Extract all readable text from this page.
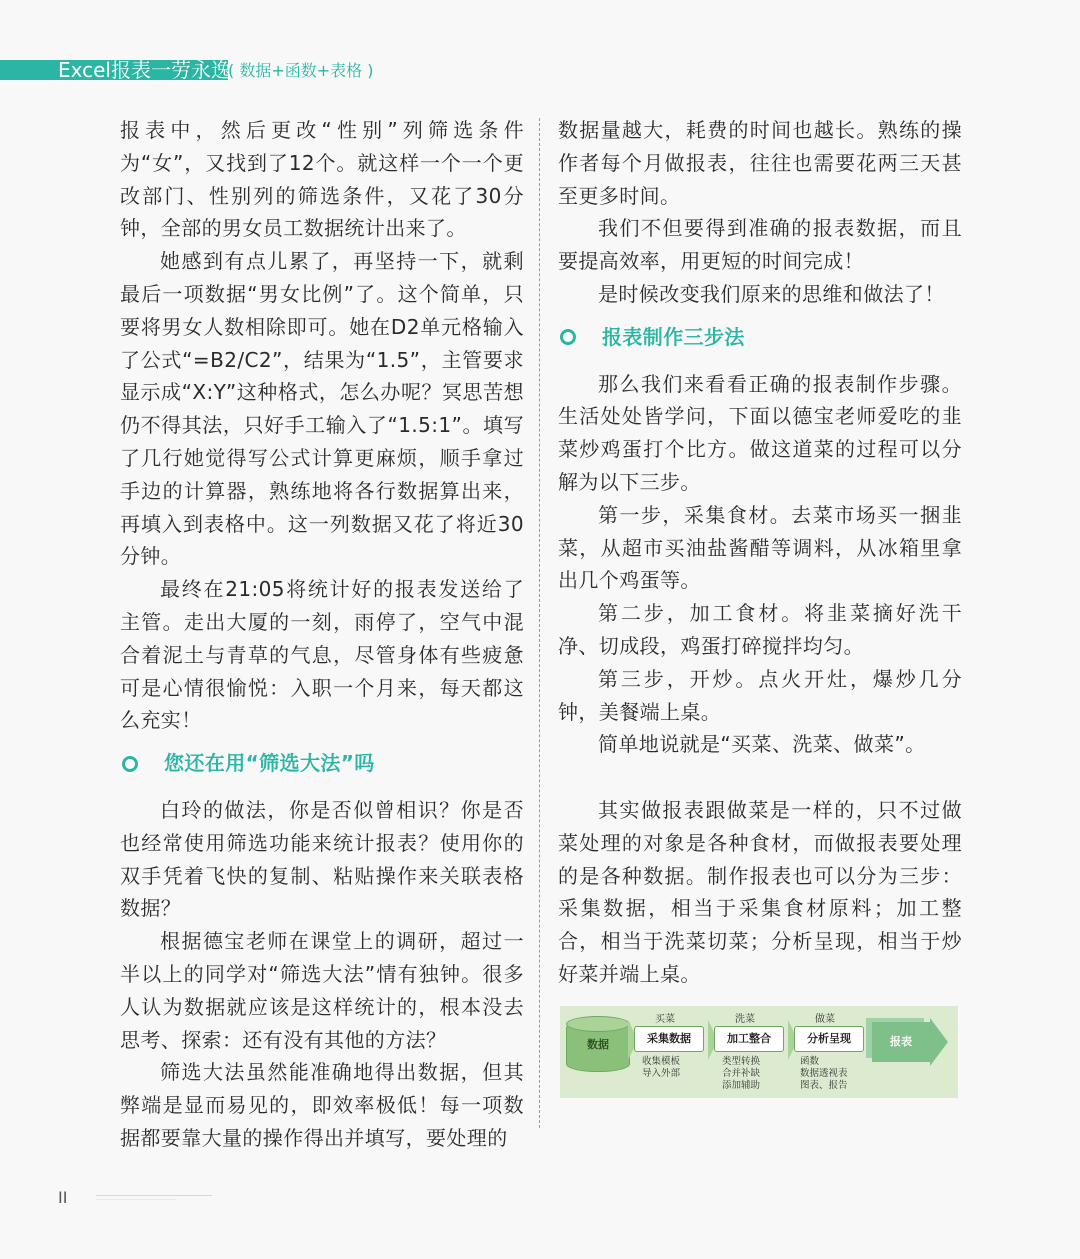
Excel报表一劳永逸
( 数据+函数+表格 )

报表中，然后更改“性别”列筛选条件为“女”，又找到了12个。就这样一个一个更改部门、性别列的筛选条件，又花了30分钟，全部的男女员工数据统计出来了。

她感到有点儿累了，再坚持一下，就剩最后一项数据“男女比例”了。这个简单，只要将男女人数相除即可。她在D2单元格输入了公式“=B2/C2”，结果为“1.5”，主管要求显示成“X:Y”这种格式，怎么办呢？冥思苦想仍不得其法，只好手工输入了“1.5:1”。填写了几行她觉得写公式计算更麻烦，顺手拿过手边的计算器，熟练地将各行数据算出来，再填入到表格中。这一列数据又花了将近30分钟。

最终在21:05将统计好的报表发送给了主管。走出大厦的一刻，雨停了，空气中混合着泥土与青草的气息，尽管身体有些疲惫可是心情很愉悦：入职一个月来，每天都这么充实！

您还在用“筛选大法”吗

白玲的做法，你是否似曾相识？你是否也经常使用筛选功能来统计报表？使用你的双手凭着飞快的复制、粘贴操作来关联表格数据？

根据德宝老师在课堂上的调研，超过一半以上的同学对“筛选大法”情有独钟。很多人认为数据就应该是这样统计的，根本没去思考、探索：还有没有其他的方法？

筛选大法虽然能准确地得出数据，但其弊端是显而易见的，即效率极低！每一项数据都要靠大量的操作得出并填写，要处理的

数据量越大，耗费的时间也越长。熟练的操作者每个月做报表，往往也需要花两三天甚至更多时间。

我们不但要得到准确的报表数据，而且要提高效率，用更短的时间完成！

是时候改变我们原来的思维和做法了！

报表制作三步法

那么我们来看看正确的报表制作步骤。生活处处皆学问，下面以德宝老师爱吃的韭菜炒鸡蛋打个比方。做这道菜的过程可以分解为以下三步。

第一步，采集食材。去菜市场买一捆韭菜，从超市买油盐酱醋等调料，从冰箱里拿出几个鸡蛋等。

第二步，加工食材。将韭菜摘好洗干净、切成段，鸡蛋打碎搅拌均匀。

第三步，开炒。点火开灶，爆炒几分钟，美餐端上桌。

简单地说就是“买菜、洗菜、做菜”。

其实做报表跟做菜是一样的，只不过做菜处理的对象是各种食材，而做报表要处理的是各种数据。制作报表也可以分为三步：采集数据，相当于采集食材原料；加工整合，相当于洗菜切菜；分析呈现，相当于炒好菜并端上桌。

数据
买菜
采集数据
收集模板
导入外部
洗菜
加工整合
类型转换
合并补缺
添加辅助
做菜
分析呈现
函数
数据透视表
图表、报告
报表
II
